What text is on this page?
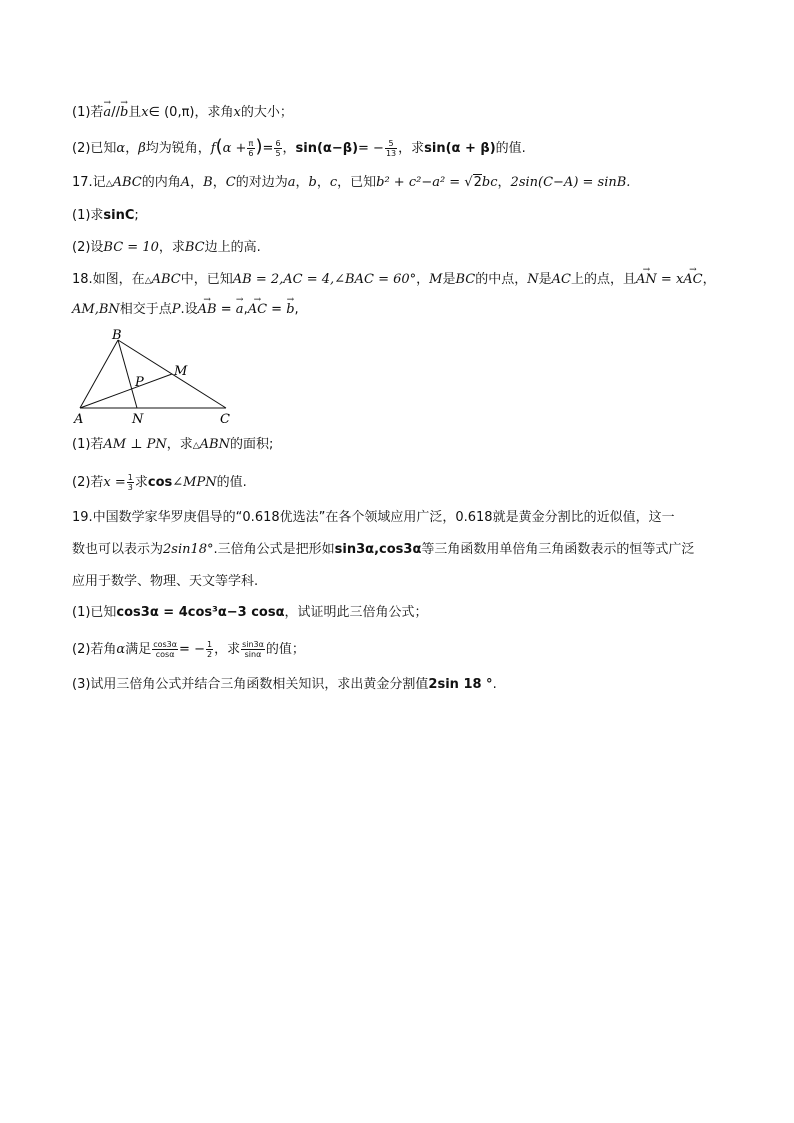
(1)若→ a//→ b且x∈ (0,π)，求角x的大小；
(2)已知α，β均为锐角，$f(\alpha + \frac{\pi}{6}$ )= $\frac{6}{5}$ ，$\sin(\alpha-\beta)= - \frac{5}{13}$ ，求sin(α + β)的值.
17.记△ABC的内角A，B，C的对边为a，b，c，已知b² + c²−a² = √2bc，2sin(C−A) = sinB.
(1)求sinC;
(2)设BC = 10，求BC边上的高.
18.如图，在△ABC中，已知AB = 2,AC = 4,∠BAC = 60°，M是BC的中点，N是AC上的点，且→ AN = x→ AC，
AM,BN相交于点P.设→ AB = → a,→ AC = → b,
B
M
P
A	N	C
(1)若AM ⊥ PN，求△ABN的面积;
(2)若$x = \frac{1}{3}$ 求cos∠MPN的值.
19.中国数学家华罗庚倡导的“0.618优选法”在各个领域应用广泛，0.618就是黄金分割比的近似值，这一
数也可以表示为2sin18°.三倍角公式是把形如sin3α,cos3α等三角函数用单倍角三角函数表示的恒等式广泛
应用于数学、物理、天文等学科.
(1)已知cos3α = 4cos³α−3 cosα，试证明此三倍角公式；
(2)若角α满足 $\frac{\cos 3\alpha}{\cos\alpha}$ = − $\frac{1}{2}$ ，求 $\frac{\sin 3\alpha}{\sin\alpha}$ 的值；
(3)试用三倍角公式并结合三角函数相关知识，求出黄金分割值2sin 18 °.
